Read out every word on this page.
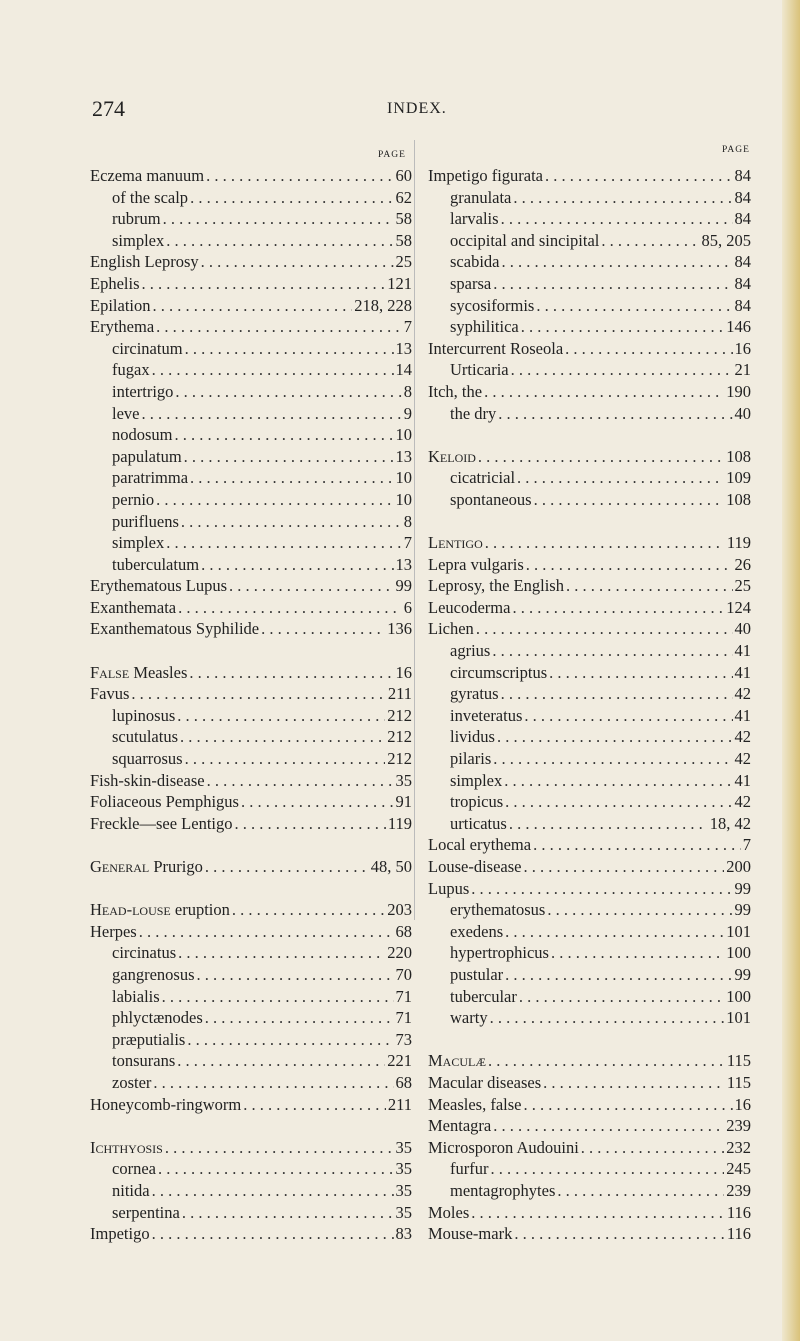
274	INDEX.
PAGE	PAGE
Eczema manuum . . .	60
of the scalp . . .	62
rubrum . . .	58
simplex . . .	58
English Leprosy . . .	25
Ephelis . . .	121
Epilation . . .	218, 228
Erythema . . .	7
circinatum . . .	13
fugax . . .	14
intertrigo . . .	8
leve . . .	9
nodosum . . .	10
papulatum . . .	13
paratrimma . . .	10
pernio . . .	10
purifluens . . .	8
simplex . . .	7
tuberculatum . . .	13
Erythematous Lupus . . .	99
Exanthemata . . .	6
Exanthematous Syphilide . . .	136
False Measles . . .	16
Favus . . .	211
lupinosus . . .	212
scutulatus . . .	212
squarrosus . . .	212
Fish-skin-disease . . .	35
Foliaceous Pemphigus . . .	91
Freckle—see Lentigo . . .	119
General Prurigo . . .	48, 50
Head-louse eruption . . .	203
Herpes . . .	68
circinatus . . .	220
gangrenosus . . .	70
labialis . . .	71
phlyctænodes . . .	71
præputialis . . .	73
tonsurans . . .	221
zoster . . .	68
Honeycomb-ringworm . . .	211
Ichthyosis . . .	35
cornea . . .	35
nitida . . .	35
serpentina . . .	35
Impetigo . . .	83
Impetigo figurata . . .	84
granulata . . .	84
larvalis . . .	84
occipital and sincipital . . .	85, 205
scabida . . .	84
sparsa . . .	84
sycosiformis . . .	84
syphilitica . . .	146
Intercurrent Roseola . . .	16
Urticaria . . .	21
Itch, the . . .	190
the dry . . .	40
Keloid . . .	108
cicatricial . . .	109
spontaneous . . .	108
Lentigo . . .	119
Lepra vulgaris . . .	26
Leprosy, the English . . .	25
Leucoderma . . .	124
Lichen . . .	40
agrius . . .	41
circumscriptus . . .	41
gyratus . . .	42
inveteratus . . .	41
lividus . . .	42
pilaris . . .	42
simplex . . .	41
tropicus . . .	42
urticatus . . .	18, 42
Local erythema . . .	7
Louse-disease . . .	200
Lupus . . .	99
erythematosus . . .	99
exedens . . .	101
hypertrophicus . . .	100
pustular . . .	99
tubercular . . .	100
warty . . .	101
Maculæ . . .	115
Macular diseases . . .	115
Measles, false . . .	16
Mentagra . . .	239
Microsporon Audouini . . .	232
furfur . . .	245
mentagrophytes . . .	239
Moles . . .	116
Mouse-mark . . .	116
